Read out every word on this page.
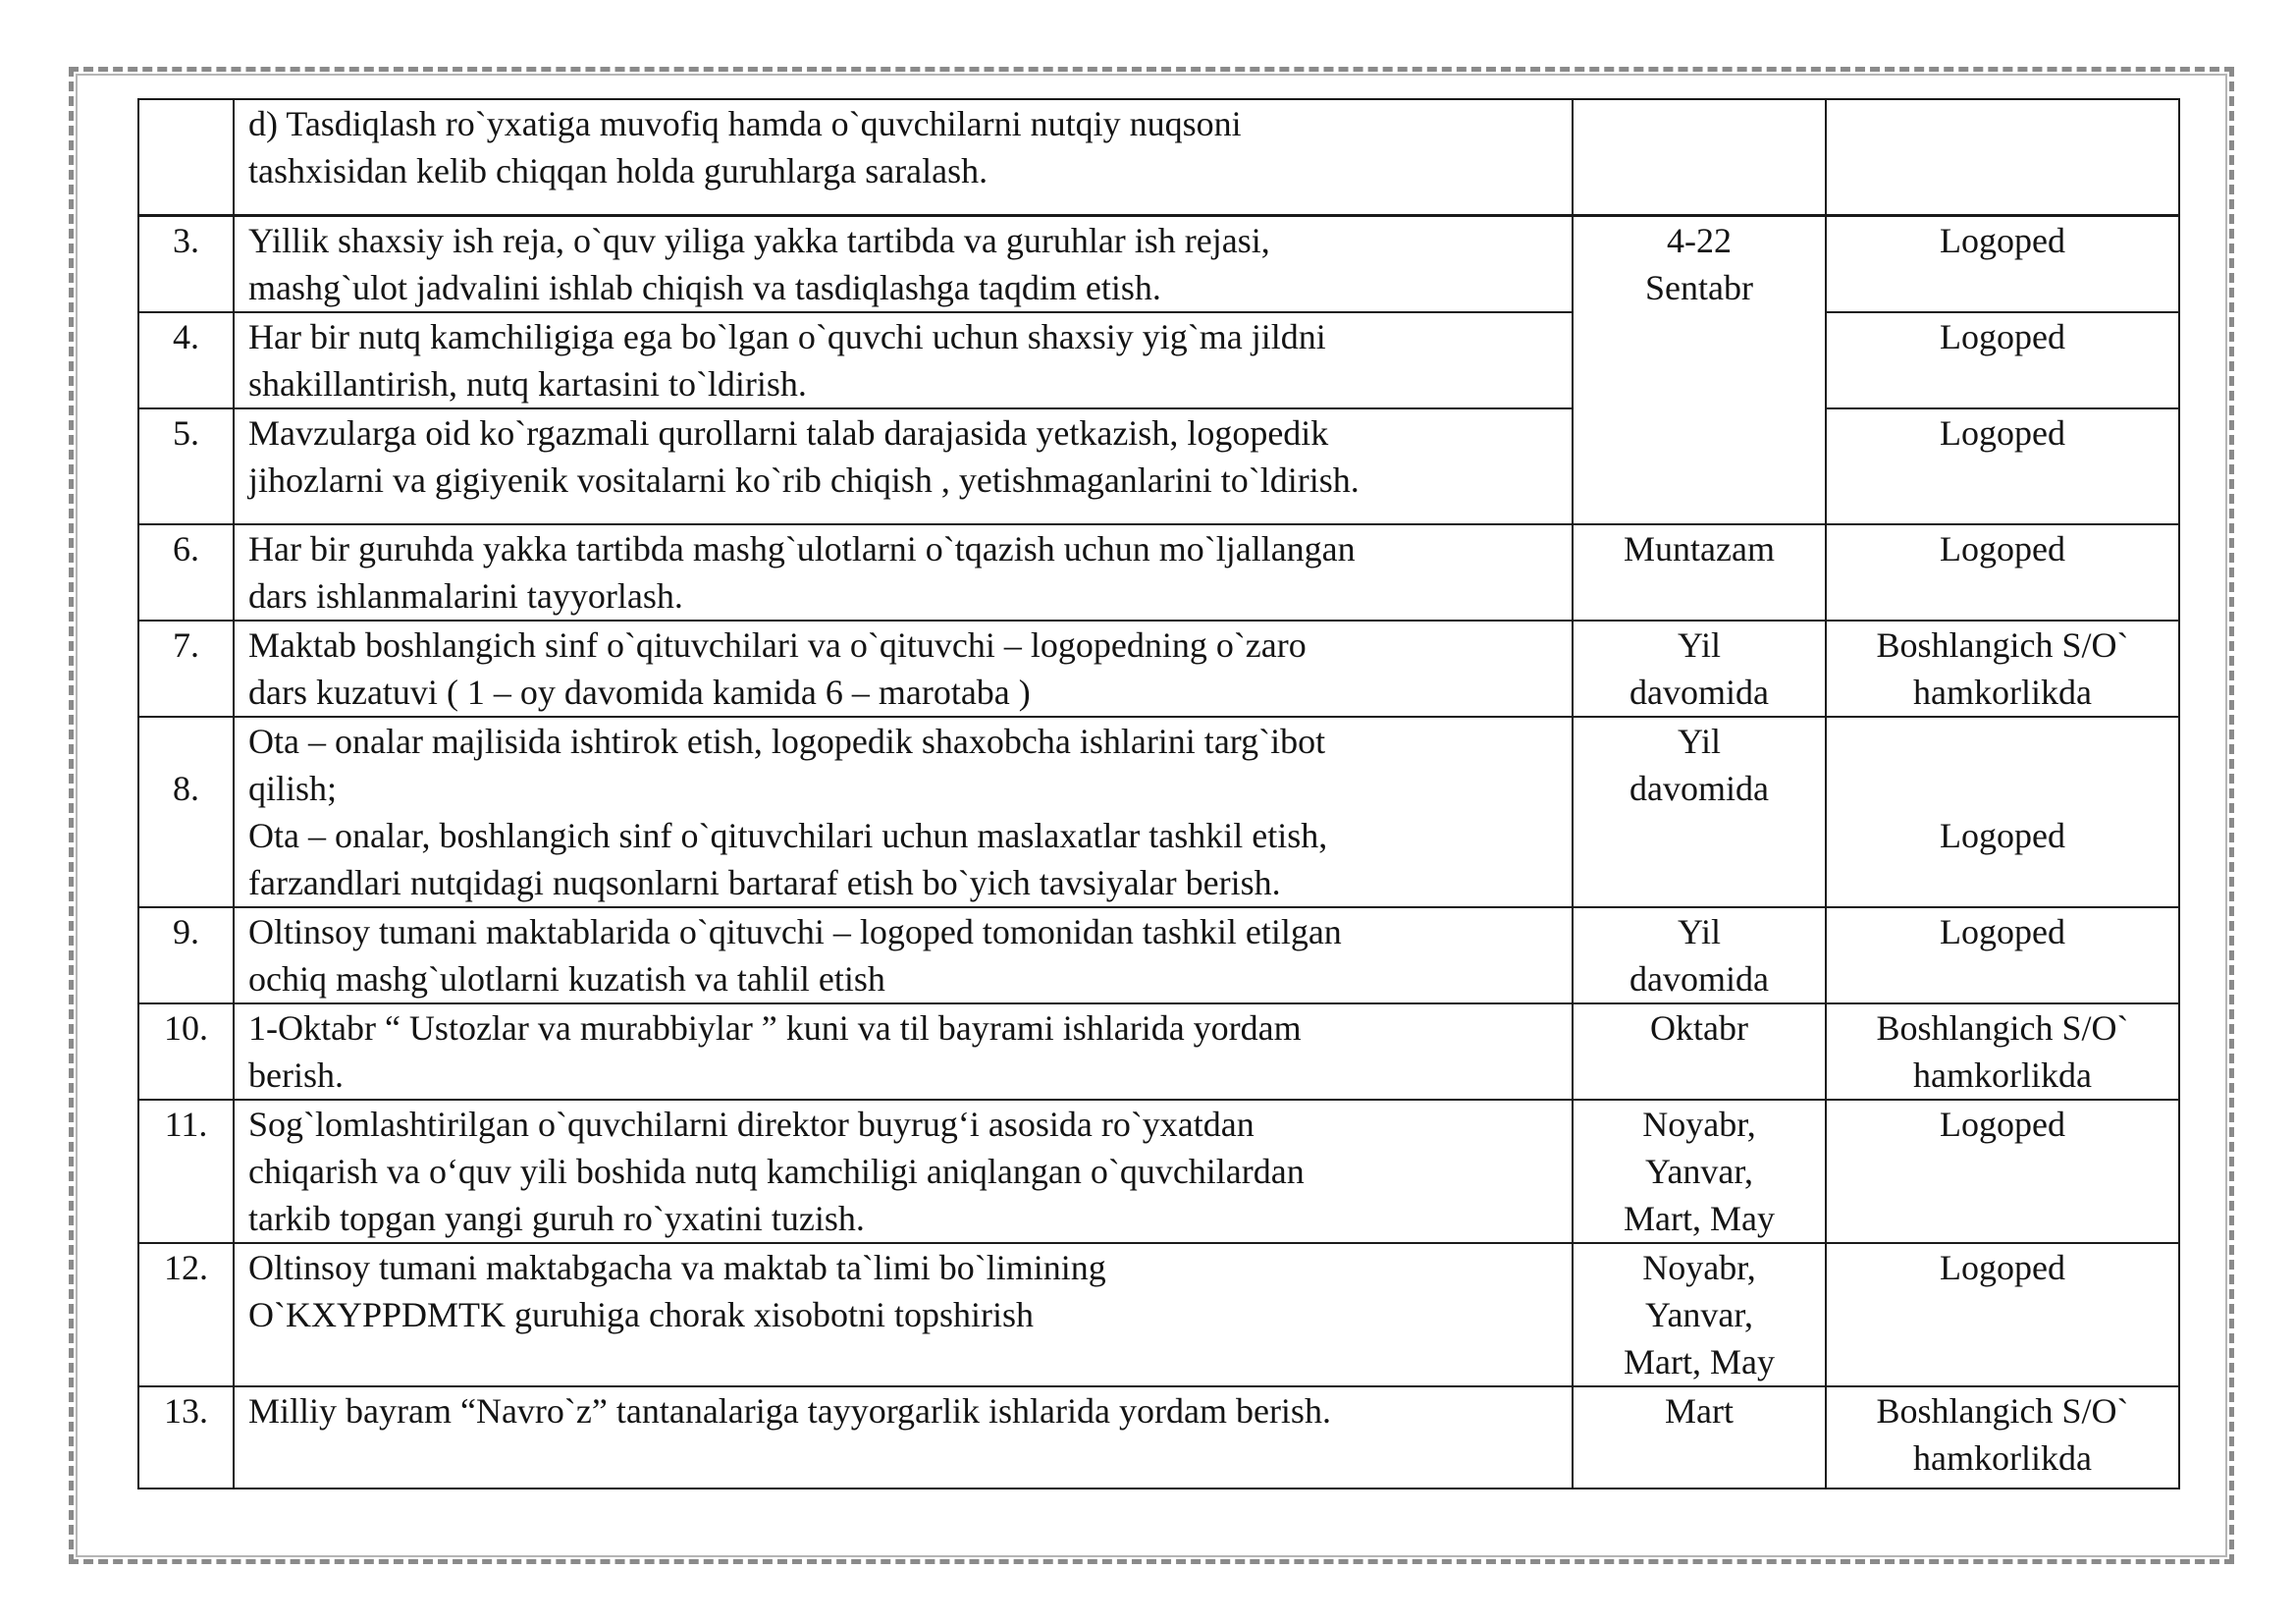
	d) Tasdiqlash ro`yxatiga muvofiq hamda o`quvchilarni nutqiy nuqsoni
tashxisidan kelib chiqqan holda guruhlarga saralash.		

3.	Yillik shaxsiy ish reja, o`quv yiliga yakka tartibda va guruhlar ish rejasi,
mashg`ulot jadvalini ishlab chiqish va tasdiqlashga taqdim etish.	4-22
Sentabr	Logoped

4.	Har bir nutq kamchiligiga ega bo`lgan o`quvchi uchun shaxsiy yig`ma jildni
shakillantirish, nutq kartasini to`ldirish.		Logoped

5.	Mavzularga oid ko`rgazmali qurollarni talab darajasida yetkazish, logopedik
jihozlarni va gigiyenik vositalarni ko`rib chiqish , yetishmaganlarini to`ldirish.		Logoped

6.	Har bir guruhda yakka tartibda mashg`ulotlarni o`tqazish uchun mo`ljallangan
dars ishlanmalarini tayyorlash.	Muntazam	Logoped

7.	Maktab boshlangich sinf o`qituvchilari va o`qituvchi – logopedning o`zaro
dars kuzatuvi ( 1 – oy davomida kamida 6 – marotaba )	Yil
davomida	Boshlangich S/O`
hamkorlikda

8.	Ota – onalar majlisida ishtirok etish, logopedik shaxobcha ishlarini targ`ibot
qilish;
Ota – onalar, boshlangich sinf o`qituvchilari uchun maslaxatlar tashkil etish,
farzandlari nutqidagi nuqsonlarni bartaraf etish bo`yich tavsiyalar berish.	Yil
davomida	Logoped

9.	Oltinsoy tumani maktablarida o`qituvchi – logoped tomonidan tashkil etilgan
ochiq mashg`ulotlarni kuzatish va tahlil etish	Yil
davomida	Logoped

10.	1-Oktabr “ Ustozlar va murabbiylar ” kuni va til bayrami ishlarida yordam
berish.	Oktabr	Boshlangich S/O`
hamkorlikda

11.	Sog`lomlashtirilgan o`quvchilarni direktor buyrug‘i asosida ro`yxatdan
chiqarish va o‘quv yili boshida nutq kamchiligi aniqlangan o`quvchilardan
tarkib topgan yangi guruh ro`yxatini tuzish.	Noyabr,
Yanvar,
Mart, May	Logoped

12.	Oltinsoy tumani maktabgacha va maktab ta`limi bo`limining
O`KXYPPDMTK guruhiga chorak xisobotni topshirish	Noyabr,
Yanvar,
Mart, May	Logoped

13.	Milliy bayram “Navro`z” tantanalariga tayyorgarlik ishlarida yordam berish.	Mart	Boshlangich S/O`
hamkorlikda
